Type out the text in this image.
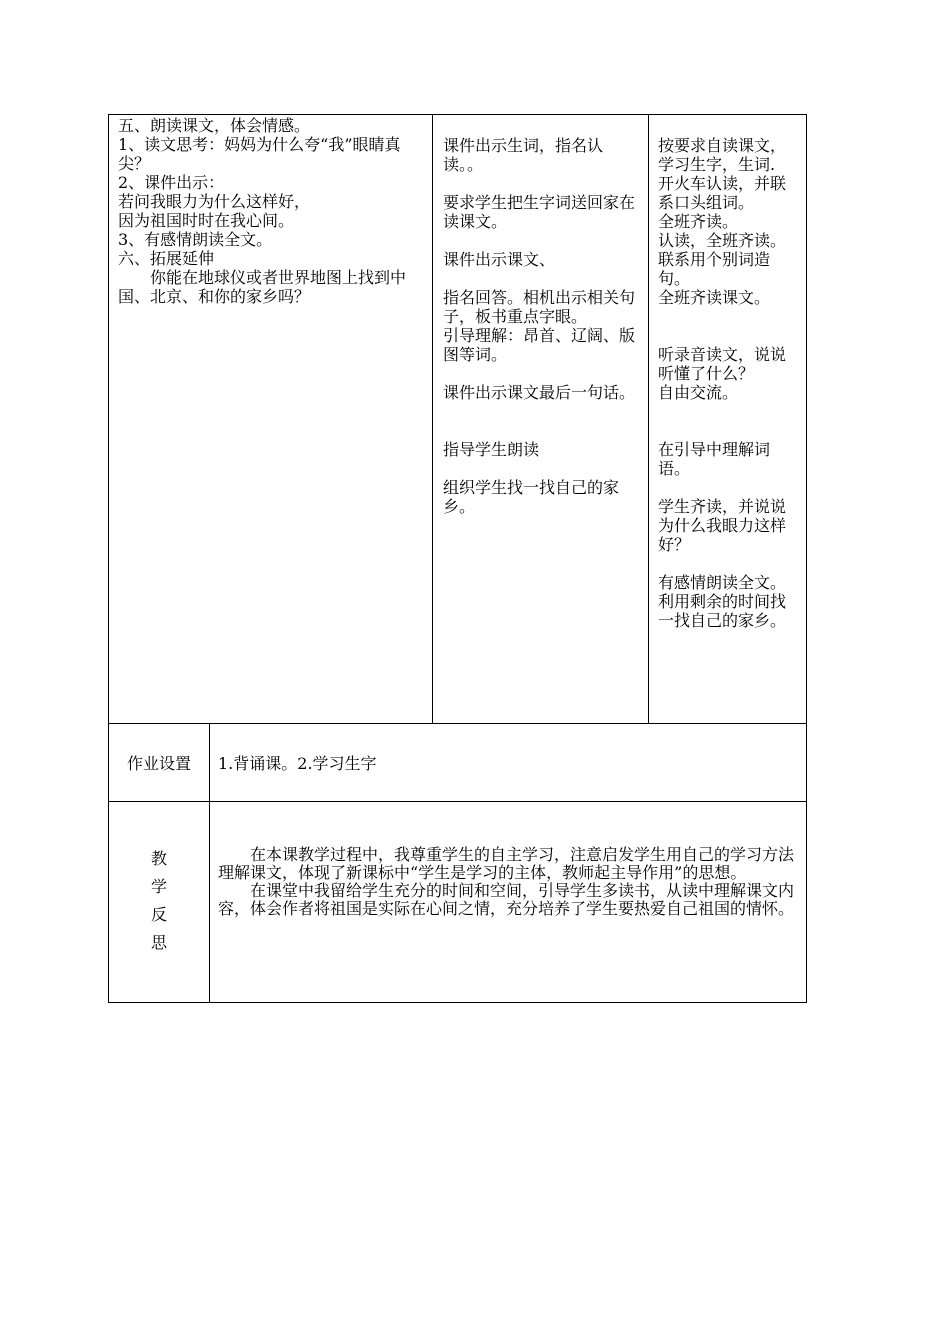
五、朗读课文，体会情感。

1、读文思考：妈妈为什么夸“我”眼睛真尖？

2、课件出示：

若问我眼力为什么这样好，

因为祖国时时在我心间。

3、有感情朗读全文。

六、拓展延伸

你能在地球仪或者世界地图上找到中国、北京、和你的家乡吗？

课件出示生词，指名认读。。

要求学生把生字词送回家在读课文。

课件出示课文、

指名回答。相机出示相关句子，板书重点字眼。

引导理解：昂首、辽阔、版图等词。

课件出示课文最后一句话。

指导学生朗读

组织学生找一找自己的家乡。

按要求自读课文，学习生字，生词.

开火车认读，并联系口头组词。

全班齐读。

认读，全班齐读。

联系用个别词造句。

全班齐读课文。

听录音读文，说说听懂了什么？

自由交流。

在引导中理解词语。

学生齐读，并说说为什么我眼力这样好？

有感情朗读全文。

利用剩余的时间找一找自己的家乡。

作业设置	1.背诵课。2.学习生字
教
学
反
思

在本课教学过程中，我尊重学生的自主学习，注意启发学生用自己的学习方法理解课文，体现了新课标中“学生是学习的主体，教师起主导作用”的思想。

在课堂中我留给学生充分的时间和空间，引导学生多读书，从读中理解课文内容，体会作者将祖国是实际在心间之情，充分培养了学生要热爱自己祖国的情怀。
